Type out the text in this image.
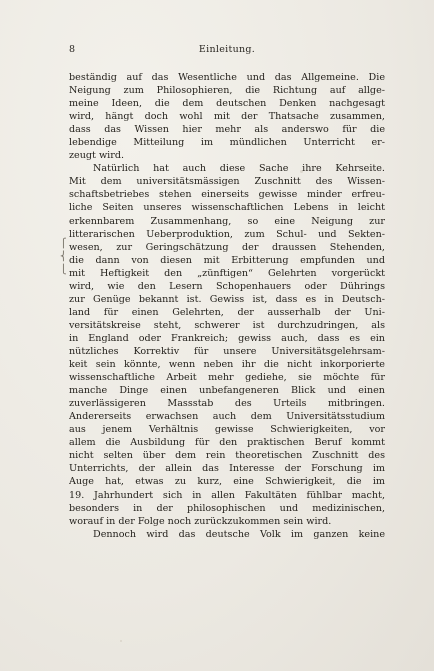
8	Einleitung.
⎧
⎨
⎩
beständig auf das Wesentliche und das Allgemeine. Die
Neigung zum Philosophieren, die Richtung auf allge-
meine Ideen, die dem deutschen Denken nachgesagt
wird, hängt doch wohl mit der Thatsache zusammen,
dass das Wissen hier mehr als anderswo für die
lebendige Mitteilung im mündlichen Unterricht er-
zeugt wird.
Natürlich hat auch diese Sache ihre Kehrseite.
Mit dem universitätsmässigen Zuschnitt des Wissen-
schaftsbetriebes stehen einerseits gewisse minder erfreu-
liche Seiten unseres wissenschaftlichen Lebens in leicht
erkennbarem Zusammenhang, so eine Neigung zur
litterarischen Ueberproduktion, zum Schul- und Sekten-
wesen, zur Geringschätzung der draussen Stehenden,
die dann von diesen mit Erbitterung empfunden und
mit Heftigkeit den „zünftigen“ Gelehrten vorgerückt
wird, wie den Lesern Schopenhauers oder Dührings
zur Genüge bekannt ist. Gewiss ist, dass es in Deutsch-
land für einen Gelehrten, der ausserhalb der Uni-
versitätskreise steht, schwerer ist durchzudringen, als
in England oder Frankreich; gewiss auch, dass es ein
nützliches Korrektiv für unsere Universitätsgelehrsam-
keit sein könnte, wenn neben ihr die nicht inkorporierte
wissenschaftliche Arbeit mehr gediehe, sie möchte für
manche Dinge einen unbefangeneren Blick und einen
zuverlässigeren Massstab des Urteils mitbringen.
Andererseits erwachsen auch dem Universitätsstudium
aus jenem Verhältnis gewisse Schwierigkeiten, vor
allem die Ausbildung für den praktischen Beruf kommt
nicht selten über dem rein theoretischen Zuschnitt des
Unterrichts, der allein das Interesse der Forschung im
Auge hat, etwas zu kurz, eine Schwierigkeit, die im
19. Jahrhundert sich in allen Fakultäten fühlbar macht,
besonders in der philosophischen und medizinischen,
worauf in der Folge noch zurückzukommen sein wird.
Dennoch wird das deutsche Volk im ganzen keine
